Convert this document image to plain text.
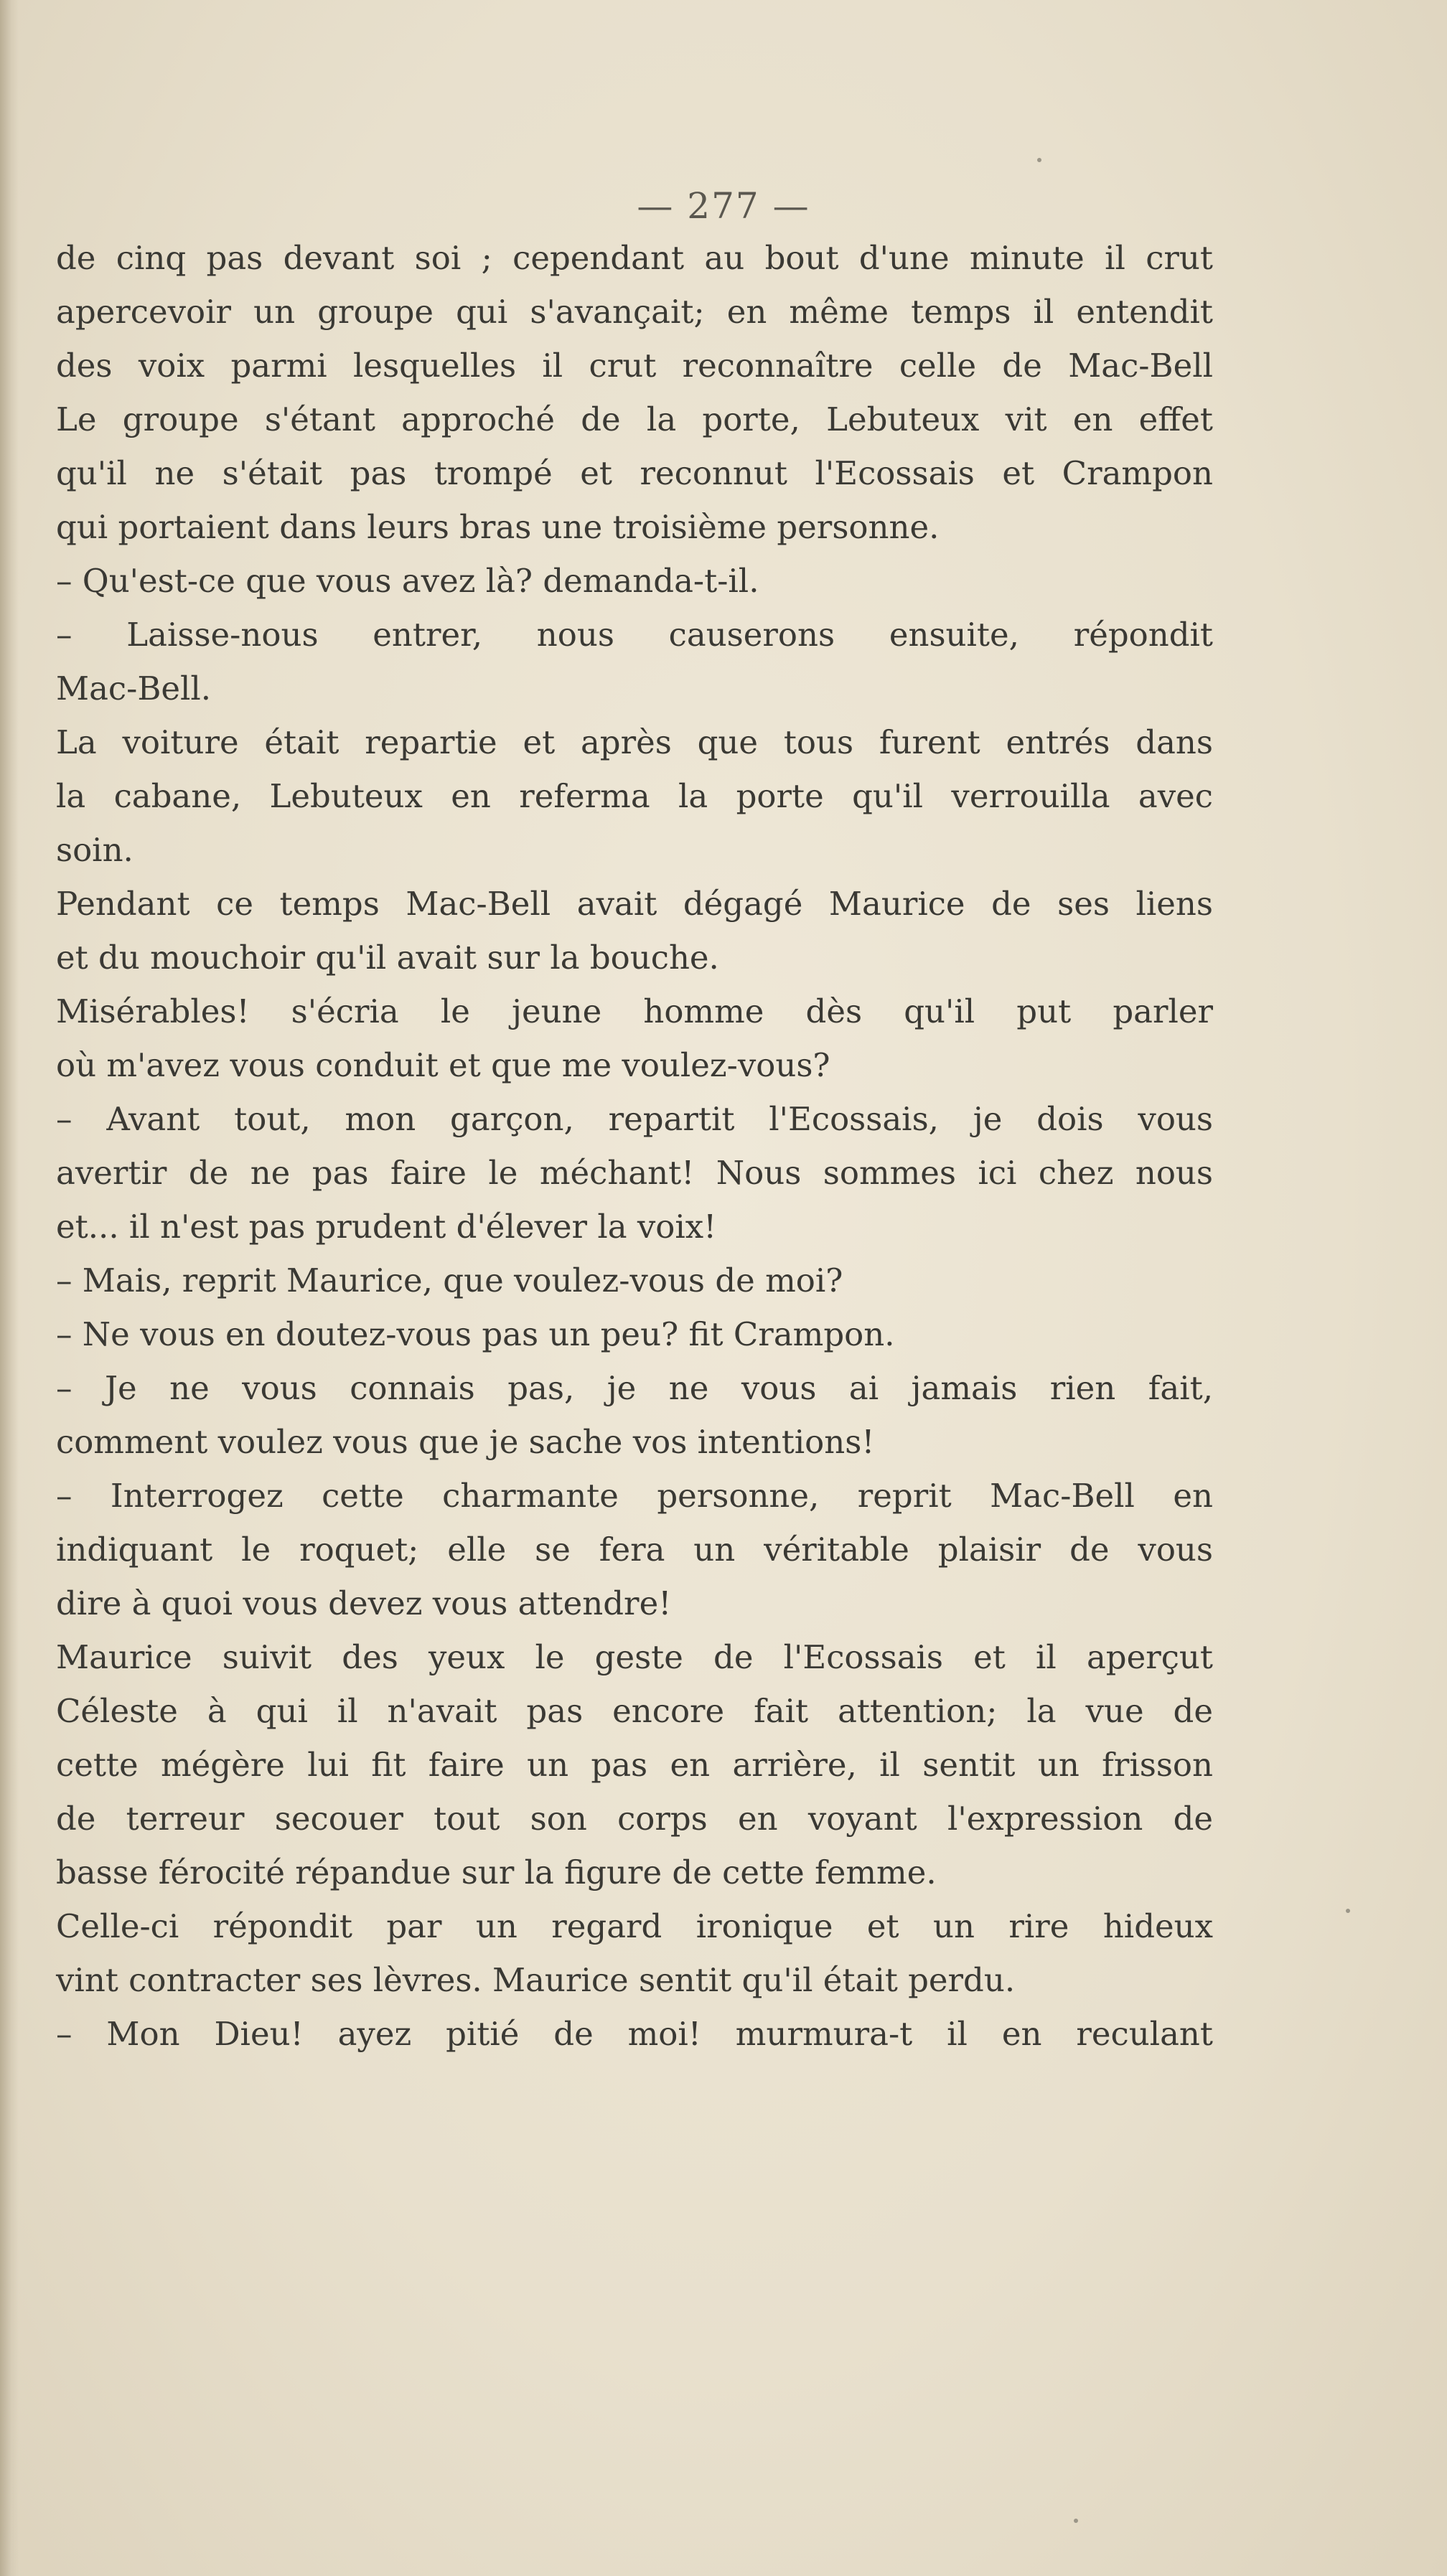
— 277 —

de cinq pas devant soi ; cependant au bout d'une minute il crut
apercevoir un groupe qui s'avançait; en même temps il entendit
des voix parmi lesquelles il crut reconnaître celle de Mac-Bell
Le groupe s'étant approché de la porte, Lebuteux vit en effet
qu'il ne s'était pas trompé et reconnut l'Ecossais et Crampon
qui portaient dans leurs bras une troisième personne.
– Qu'est-ce que vous avez là? demanda-t-il.
– Laisse-nous entrer, nous causerons ensuite, répondit
Mac-Bell.
La voiture était repartie et après que tous furent entrés dans
la cabane, Lebuteux en referma la porte qu'il verrouilla avec
soin.
Pendant ce temps Mac-Bell avait dégagé Maurice de ses liens
et du mouchoir qu'il avait sur la bouche.
Misérables! s'écria le jeune homme dès qu'il put parler
où m'avez vous conduit et que me voulez-vous?
– Avant tout, mon garçon, repartit l'Ecossais, je dois vous
avertir de ne pas faire le méchant! Nous sommes ici chez nous
et... il n'est pas prudent d'élever la voix!
– Mais, reprit Maurice, que voulez-vous de moi?
– Ne vous en doutez-vous pas un peu? fit Crampon.
– Je ne vous connais pas, je ne vous ai jamais rien fait,
comment voulez vous que je sache vos intentions!
– Interrogez cette charmante personne, reprit Mac-Bell en
indiquant le roquet; elle se fera un véritable plaisir de vous
dire à quoi vous devez vous attendre!
Maurice suivit des yeux le geste de l'Ecossais et il aperçut
Céleste à qui il n'avait pas encore fait attention; la vue de
cette mégère lui fit faire un pas en arrière, il sentit un frisson
de terreur secouer tout son corps en voyant l'expression de
basse férocité répandue sur la figure de cette femme.
Celle-ci répondit par un regard ironique et un rire hideux
vint contracter ses lèvres. Maurice sentit qu'il était perdu.
– Mon Dieu! ayez pitié de moi! murmura-t il en reculant
